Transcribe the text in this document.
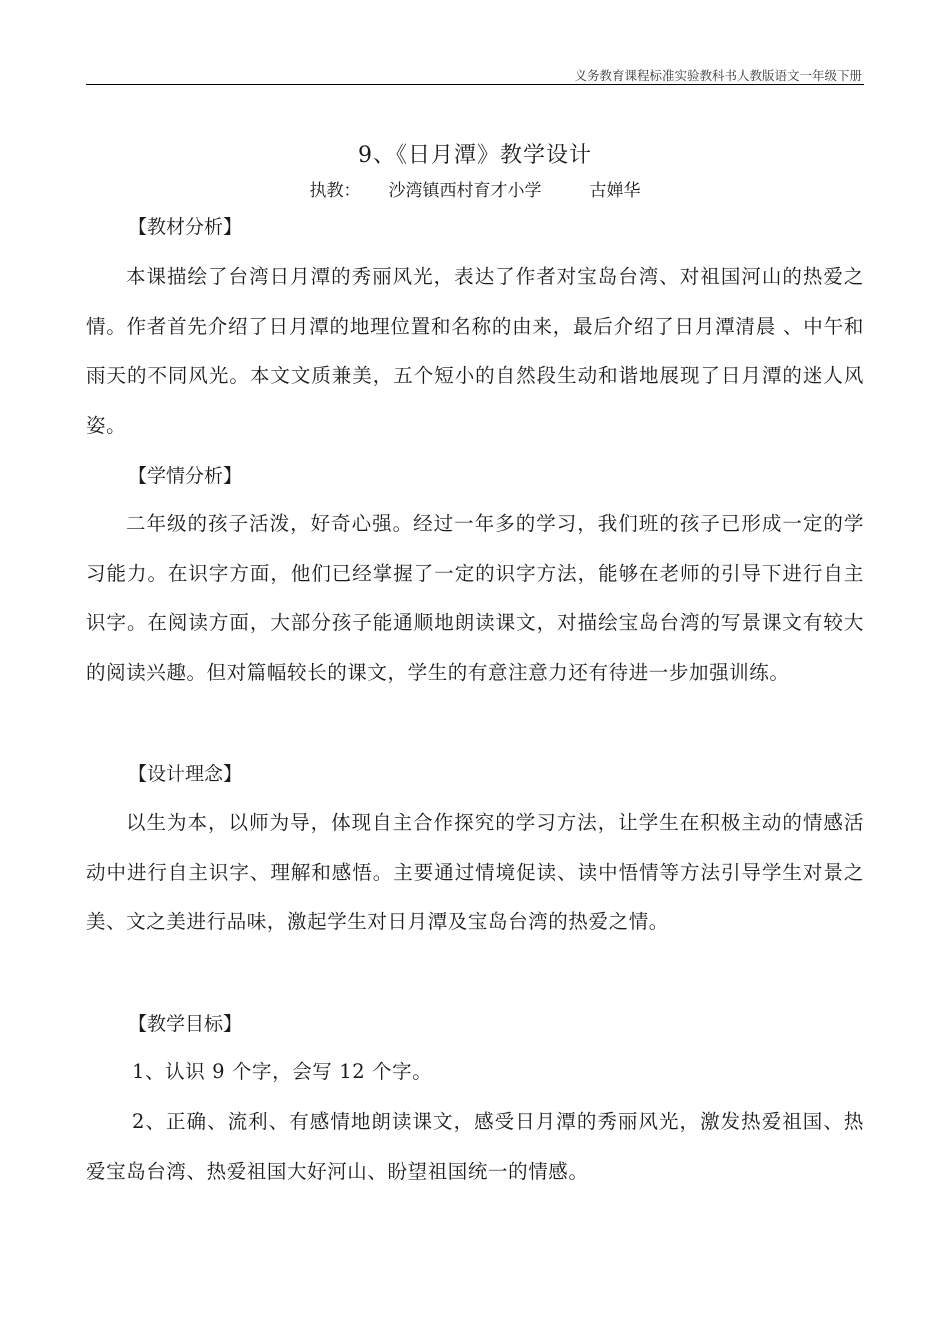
义务教育课程标准实验教科书人教版语文一年级下册
9、《日月潭》教学设计
执教： 沙湾镇西村育才小学	古婵华
【教材分析】
本课描绘了台湾日月潭的秀丽风光，表达了作者对宝岛台湾、对祖国河山的热爱之情。作者首先介绍了日月潭的地理位置和名称的由来，最后介绍了日月潭清晨 、中午和雨天的不同风光。本文文质兼美，五个短小的自然段生动和谐地展现了日月潭的迷人风姿。
【学情分析】
二年级的孩子活泼，好奇心强。经过一年多的学习，我们班的孩子已形成一定的学习能力。在识字方面，他们已经掌握了一定的识字方法，能够在老师的引导下进行自主识字。在阅读方面，大部分孩子能通顺地朗读课文，对描绘宝岛台湾的写景课文有较大的阅读兴趣。但对篇幅较长的课文，学生的有意注意力还有待进一步加强训练。
【设计理念】
以生为本，以师为导，体现自主合作探究的学习方法，让学生在积极主动的情感活动中进行自主识字、理解和感悟。主要通过情境促读、读中悟情等方法引导学生对景之美、文之美进行品味，激起学生对日月潭及宝岛台湾的热爱之情。
【教学目标】
1、认识 9 个字，会写 12 个字。
2、正确、流利、有感情地朗读课文，感受日月潭的秀丽风光，激发热爱祖国、热爱宝岛台湾、热爱祖国大好河山、盼望祖国统一的情感。
